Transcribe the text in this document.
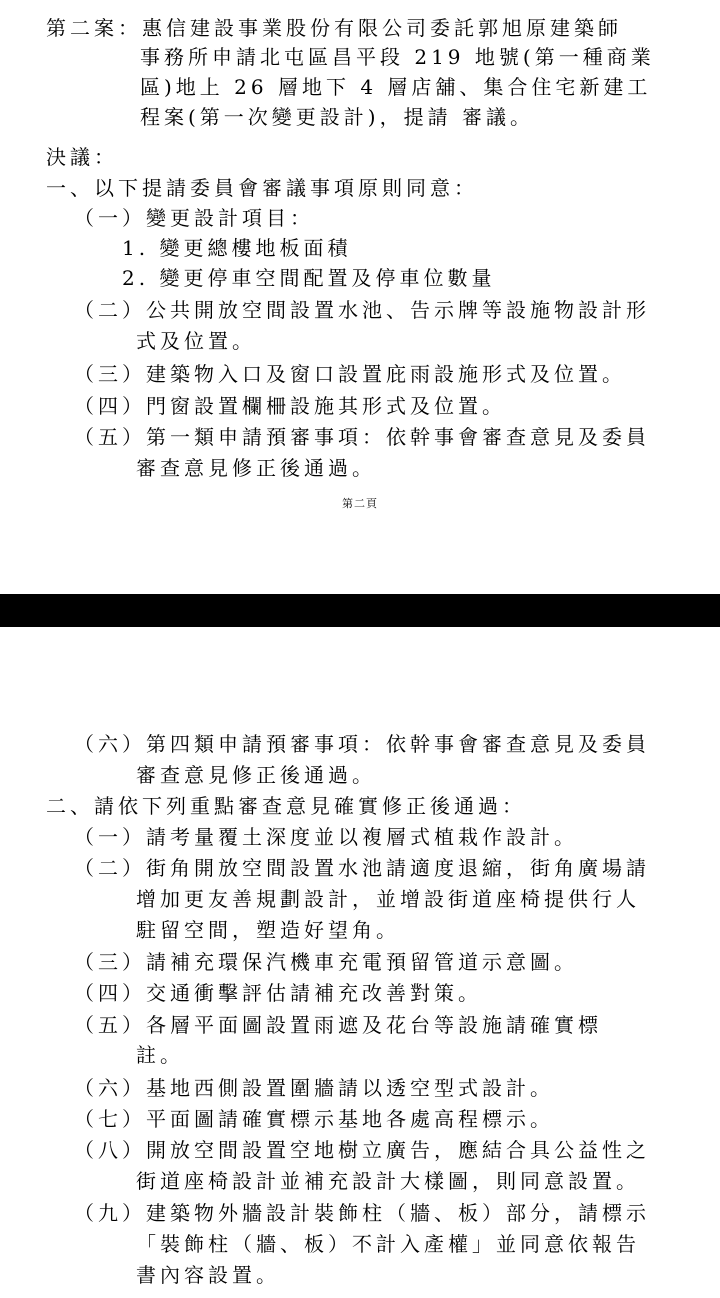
第二案：惠信建設事業股份有限公司委託郭旭原建築師
事務所申請北屯區昌平段 219 地號(第一種商業
區)地上 26 層地下 4 層店舖、集合住宅新建工
程案(第一次變更設計)，提請 審議。
決議：
一、以下提請委員會審議事項原則同意：
（一）變更設計項目：
1. 變更總樓地板面積
2. 變更停車空間配置及停車位數量
（二）公共開放空間設置水池、告示牌等設施物設計形
式及位置。
（三）建築物入口及窗口設置庇雨設施形式及位置。
（四）門窗設置欄柵設施其形式及位置。
（五）第一類申請預審事項：依幹事會審查意見及委員
審查意見修正後通過。
第二頁
（六）第四類申請預審事項：依幹事會審查意見及委員
審查意見修正後通過。
二、請依下列重點審查意見確實修正後通過：
（一）請考量覆土深度並以複層式植栽作設計。
（二）街角開放空間設置水池請適度退縮，街角廣場請
增加更友善規劃設計，並增設街道座椅提供行人
駐留空間，塑造好望角。
（三）請補充環保汽機車充電預留管道示意圖。
（四）交通衝擊評估請補充改善對策。
（五）各層平面圖設置雨遮及花台等設施請確實標
註。
（六）基地西側設置圍牆請以透空型式設計。
（七）平面圖請確實標示基地各處高程標示。
（八）開放空間設置空地樹立廣告，應結合具公益性之
街道座椅設計並補充設計大樣圖，則同意設置。
（九）建築物外牆設計裝飾柱（牆、板）部分，請標示
「裝飾柱（牆、板）不計入產權」並同意依報告
書內容設置。
